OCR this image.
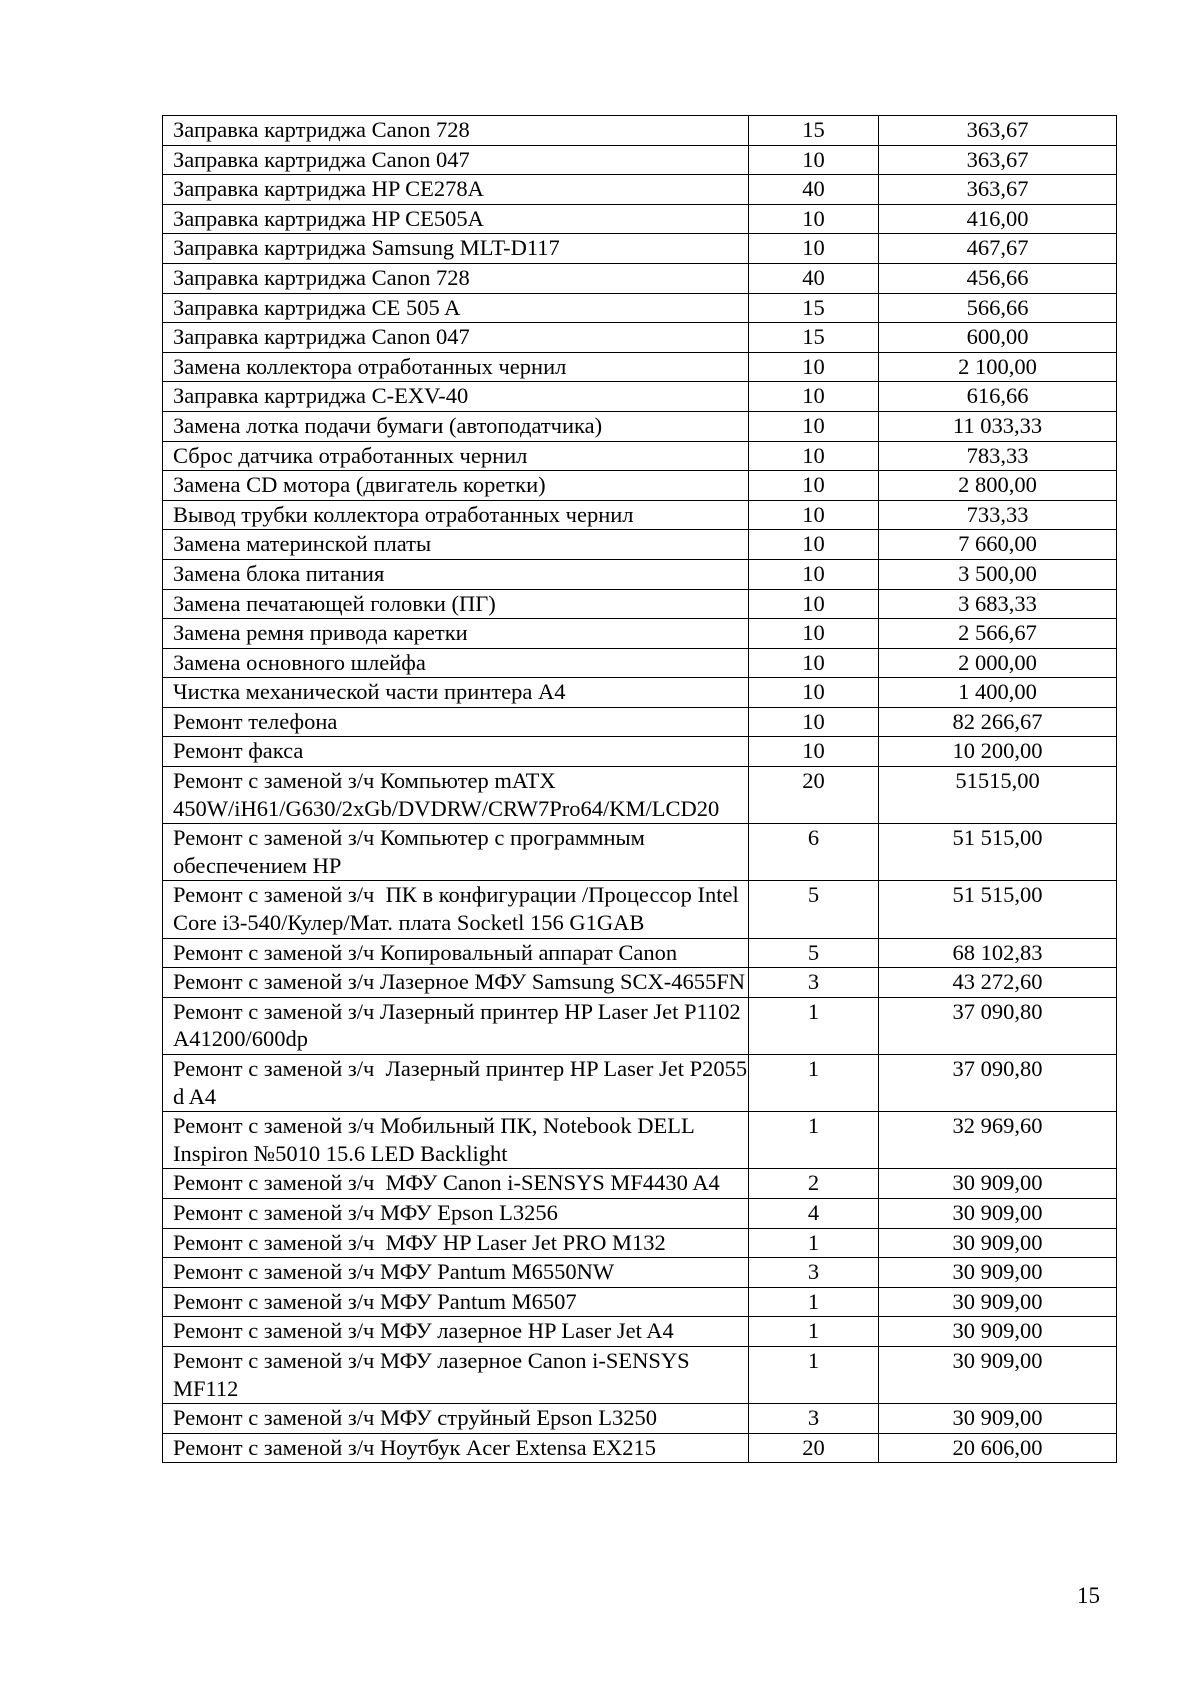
Заправка картриджа Canon 728	15	363,67
Заправка картриджа Canon 047	10	363,67
Заправка картриджа HP CE278A	40	363,67
Заправка картриджа HP CE505A	10	416,00
Заправка картриджа Samsung MLT-D117	10	467,67
Заправка картриджа Canon 728	40	456,66
Заправка картриджа CE 505 A	15	566,66
Заправка картриджа Canon 047	15	600,00
Замена коллектора отработанных чернил	10	2 100,00
Заправка картриджа C-EXV-40	10	616,66
Замена лотка подачи бумаги (автоподатчика)	10	11 033,33
Сброс датчика отработанных чернил	10	783,33
Замена CD мотора (двигатель коретки)	10	2 800,00
Вывод трубки коллектора отработанных чернил	10	733,33
Замена материнской платы	10	7 660,00
Замена блока питания	10	3 500,00
Замена печатающей головки (ПГ)	10	3 683,33
Замена ремня привода каретки	10	2 566,67
Замена основного шлейфа	10	2 000,00
Чистка механической части принтера А4	10	1 400,00
Ремонт телефона	10	82 266,67
Ремонт факса	10	10 200,00
Ремонт с заменой з/ч Компьютер mATX 450W/iH61/G630/2xGb/DVDRW/CRW7Pro64/KM/LCD20	20	51515,00
Ремонт с заменой з/ч Компьютер с программным обеспечением HP	6	51 515,00
Ремонт с заменой з/ч  ПК в конфигурации /Процессор Intel Core i3-540/Кулер/Мат. плата Socketl 156 G1GAB	5	51 515,00
Ремонт с заменой з/ч Копировальный аппарат Canon	5	68 102,83
Ремонт с заменой з/ч Лазерное МФУ Samsung SCX-4655FN	3	43 272,60
Ремонт с заменой з/ч Лазерный принтер HP Laser Jet P1102 A41200/600dp	1	37 090,80
Ремонт с заменой з/ч  Лазерный принтер HP Laser Jet P2055 d A4	1	37 090,80
Ремонт с заменой з/ч Мобильный ПК, Notebook DELL Inspiron №5010 15.6 LED Backlight	1	32 969,60
Ремонт с заменой з/ч  МФУ Canon i-SENSYS MF4430 A4	2	30 909,00
Ремонт с заменой з/ч МФУ Epson L3256	4	30 909,00
Ремонт с заменой з/ч  МФУ HP Laser Jet PRO M132	1	30 909,00
Ремонт с заменой з/ч МФУ Pantum M6550NW	3	30 909,00
Ремонт с заменой з/ч МФУ Pantum M6507	1	30 909,00
Ремонт с заменой з/ч МФУ лазерное HP Laser Jet A4	1	30 909,00
Ремонт с заменой з/ч МФУ лазерное Canon i-SENSYS MF112	1	30 909,00
Ремонт с заменой з/ч МФУ струйный Epson L3250	3	30 909,00
Ремонт с заменой з/ч Ноутбук Acer Extensa EX215	20	20 606,00
15
